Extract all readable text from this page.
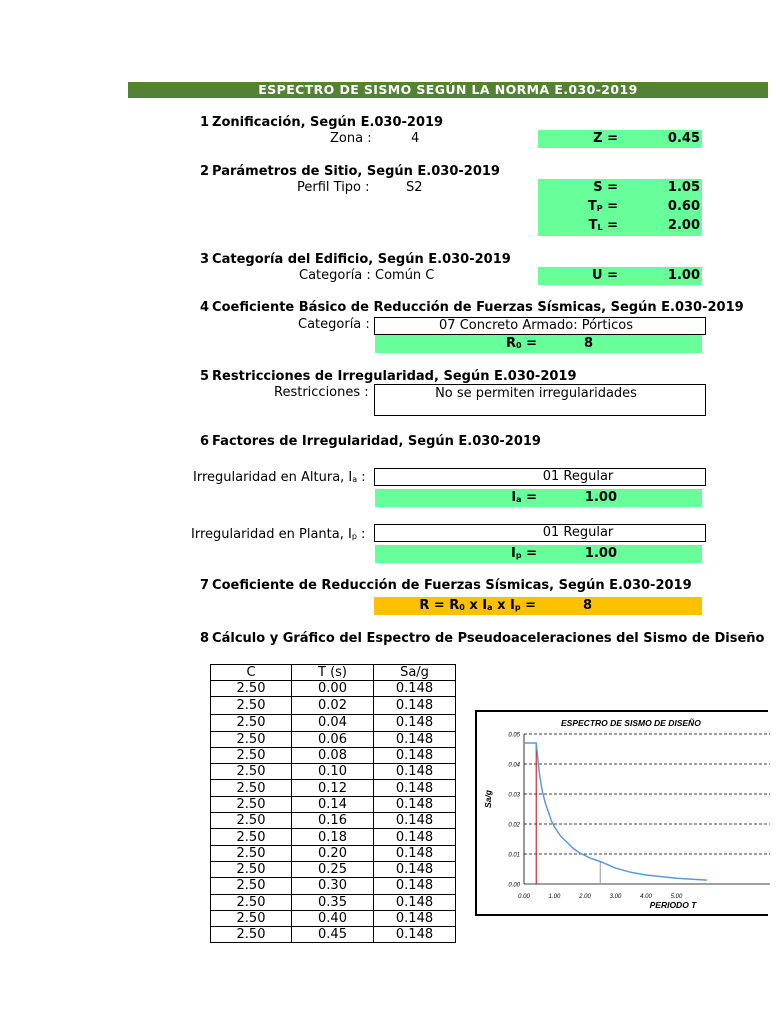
ESPECTRO DE SISMO SEGÚN LA NORMA E.030-2019
1 Zonificación, Según E.030-2019
Zona :	4	Z =	0.45
2 Parámetros de Sitio, Según E.030-2019
Perfil Tipo :	S2	S =	1.05
$T_P$ =	0.60
$T_L$ =	2.00
3 Categoría del Edificio, Según E.030-2019
Categoría : Común C	U =	1.00
4 Coeficiente Básico de Reducción de Fuerzas Sísmicas, Según E.030-2019
Categoría :	07 Concreto Armado: Pórticos
$R_0$ =	8
5 Restricciones de Irregularidad, Según E.030-2019
Restricciones :	No se permiten irregularidades
6 Factores de Irregularidad, Según E.030-2019
Irregularidad en Altura, $I_a$ :	01 Regular
$I_a$ =	1.00
Irregularidad en Planta, $I_p$ :	01 Regular
$I_p$ =	1.00
7 Coeficiente de Reducción de Fuerzas Sísmicas, Según E.030-2019
$R = R_0$ x $I_a$ x $I_p$ =	8
8 Cálculo y Gráfico del Espectro de Pseudoaceleraciones del Sismo de Diseño
C	T (s)	Sa/g
2.50	0.00	0.148
2.50	0.02	0.148
2.50	0.04	0.148
2.50	0.06	0.148
2.50	0.08	0.148
2.50	0.10	0.148
2.50	0.12	0.148
2.50	0.14	0.148
2.50	0.16	0.148
2.50	0.18	0.148
2.50	0.20	0.148
2.50	0.25	0.148
2.50	0.30	0.148
2.50	0.35	0.148
2.50	0.40	0.148
2.50	0.45	0.148
ESPECTRO DE SISMO DE DISEÑO
0.00
0.01
0.02
0.03
0.04
0.05
0.00	1.00	2.00	3.00	4.00	5.00
PERIODO T
Sa/g
